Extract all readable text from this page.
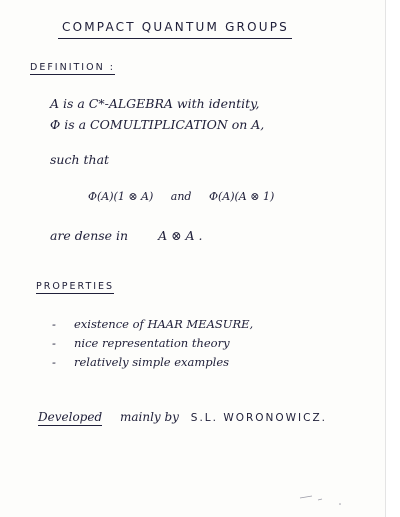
COMPACT QUANTUM GROUPS

DEFINITION :

A is a C*-ALGEBRA with identity,

Φ is a COMULTIPLICATION on A,

such that

Φ(A)(1 ⊗ A) and Φ(A)(A ⊗ 1)

are dense in A ⊗ A .

PROPERTIES

- existence of HAAR MEASURE,
- nice representation theory
- relatively simple examples

Developed mainly by S.L. WORONOWICZ.
